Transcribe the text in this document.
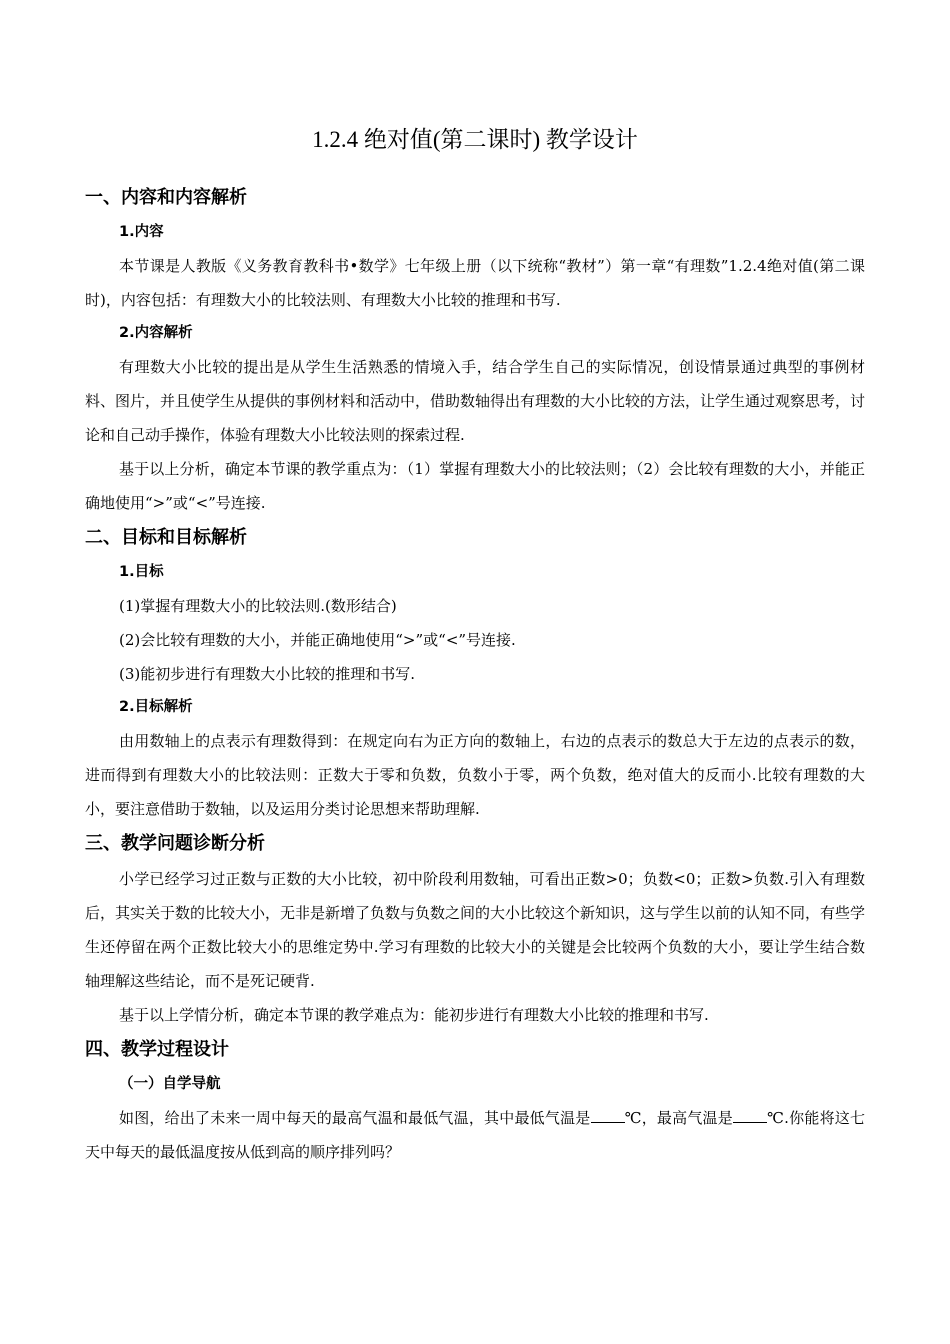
1.2.4 绝对值(第二课时) 教学设计
一、内容和内容解析
1.内容

本节课是人教版《义务教育教科书•数学》七年级上册（以下统称“教材”）第一章“有理数”1.2.4绝对值(第二课时)，内容包括：有理数大小的比较法则、有理数大小比较的推理和书写.

2.内容解析

有理数大小比较的提出是从学生生活熟悉的情境入手，结合学生自己的实际情况，创设情景通过典型的事例材料、图片，并且使学生从提供的事例材料和活动中，借助数轴得出有理数的大小比较的方法，让学生通过观察思考，讨论和自己动手操作，体验有理数大小比较法则的探索过程.

基于以上分析，确定本节课的教学重点为：（1）掌握有理数大小的比较法则；（2）会比较有理数的大小，并能正确地使用“>”或“<”号连接.

二、目标和目标解析
1.目标

(1)掌握有理数大小的比较法则.(数形结合)

(2)会比较有理数的大小，并能正确地使用“>”或“<”号连接.

(3)能初步进行有理数大小比较的推理和书写.

2.目标解析

由用数轴上的点表示有理数得到：在规定向右为正方向的数轴上，右边的点表示的数总大于左边的点表示的数，进而得到有理数大小的比较法则：正数大于零和负数，负数小于零，两个负数，绝对值大的反而小.比较有理数的大小，要注意借助于数轴，以及运用分类讨论思想来帮助理解.

三、教学问题诊断分析

小学已经学习过正数与正数的大小比较，初中阶段利用数轴，可看出正数>0；负数<0；正数>负数.引入有理数后，其实关于数的比较大小，无非是新增了负数与负数之间的大小比较这个新知识，这与学生以前的认知不同，有些学生还停留在两个正数比较大小的思维定势中.学习有理数的比较大小的关键是会比较两个负数的大小，要让学生结合数轴理解这些结论，而不是死记硬背.

基于以上学情分析，确定本节课的教学难点为：能初步进行有理数大小比较的推理和书写.

四、教学过程设计
（一）自学导航

如图，给出了未来一周中每天的最高气温和最低气温，其中最低气温是 ℃，最高气温是 ℃.你能将这七天中每天的最低温度按从低到高的顺序排列吗？
